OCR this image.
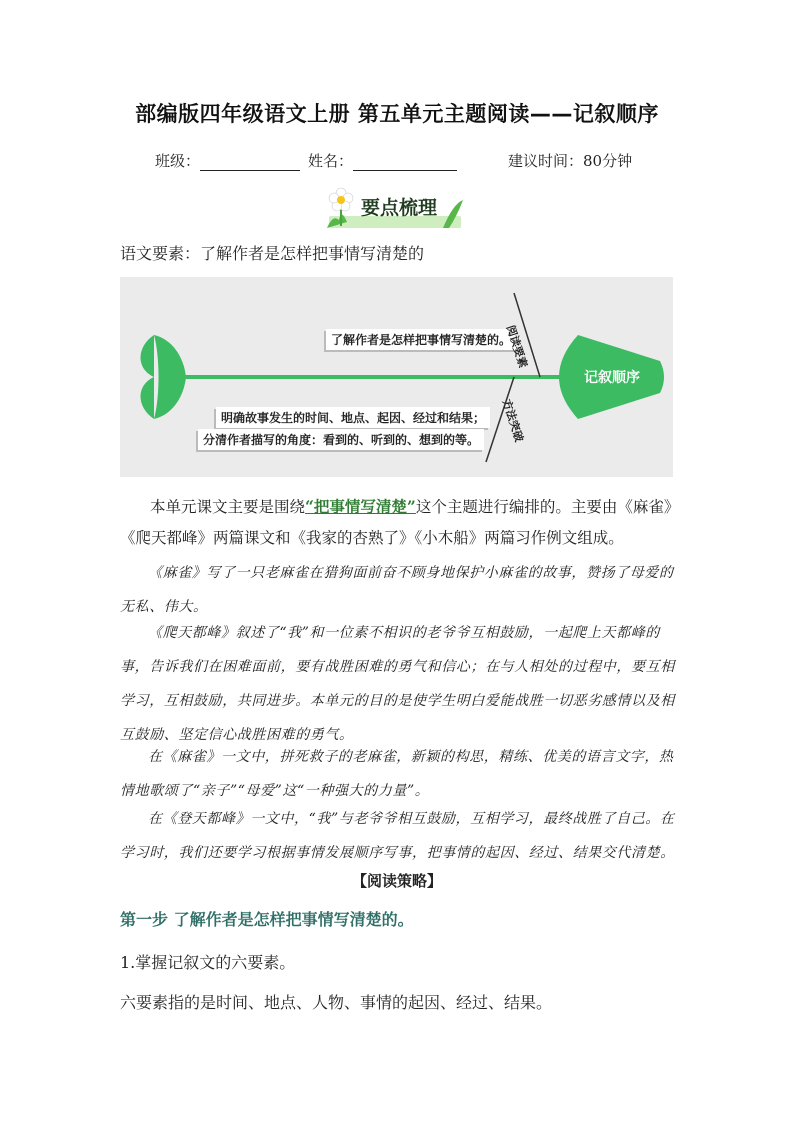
部编版四年级语文上册 第五单元主题阅读——记叙顺序
班级：	姓名：	建议时间：80分钟
要点梳理
语文要素：了解作者是怎样把事情写清楚的
了解作者是怎样把事情写清楚的。
明确故事发生的时间、地点、起因、经过和结果；
分清作者描写的角度：看到的、听到的、想到的等。
阅读要素
方法突破
记叙顺序
本单元课文主要是围绕“把事情写清楚”这个主题进行编排的。主要由《麻雀》《爬天都峰》两篇课文和《我家的杏熟了》《小木船》两篇习作例文组成。
《麻雀》写了一只老麻雀在猎狗面前奋不顾身地保护小麻雀的故事，赞扬了母爱的无私、伟大。
《爬天都峰》叙述了“我”和一位素不相识的老爷爷互相鼓励，一起爬上天都峰的事，告诉我们在困难面前，要有战胜困难的勇气和信心；在与人相处的过程中，要互相学习，互相鼓励，共同进步。本单元的目的是使学生明白爱能战胜一切恶劣感情以及相互鼓励、坚定信心战胜困难的勇气。
在《麻雀》一文中，拼死救子的老麻雀，新颖的构思，精练、优美的语言文字，热情地歌颂了“亲子”“母爱”这“一种强大的力量”。
在《登天都峰》一文中，“我”与老爷爷相互鼓励，互相学习，最终战胜了自己。在学习时，我们还要学习根据事情发展顺序写事，把事情的起因、经过、结果交代清楚。
【阅读策略】
第一步 了解作者是怎样把事情写清楚的。
1.掌握记叙文的六要素。
六要素指的是时间、地点、人物、事情的起因、经过、结果。
